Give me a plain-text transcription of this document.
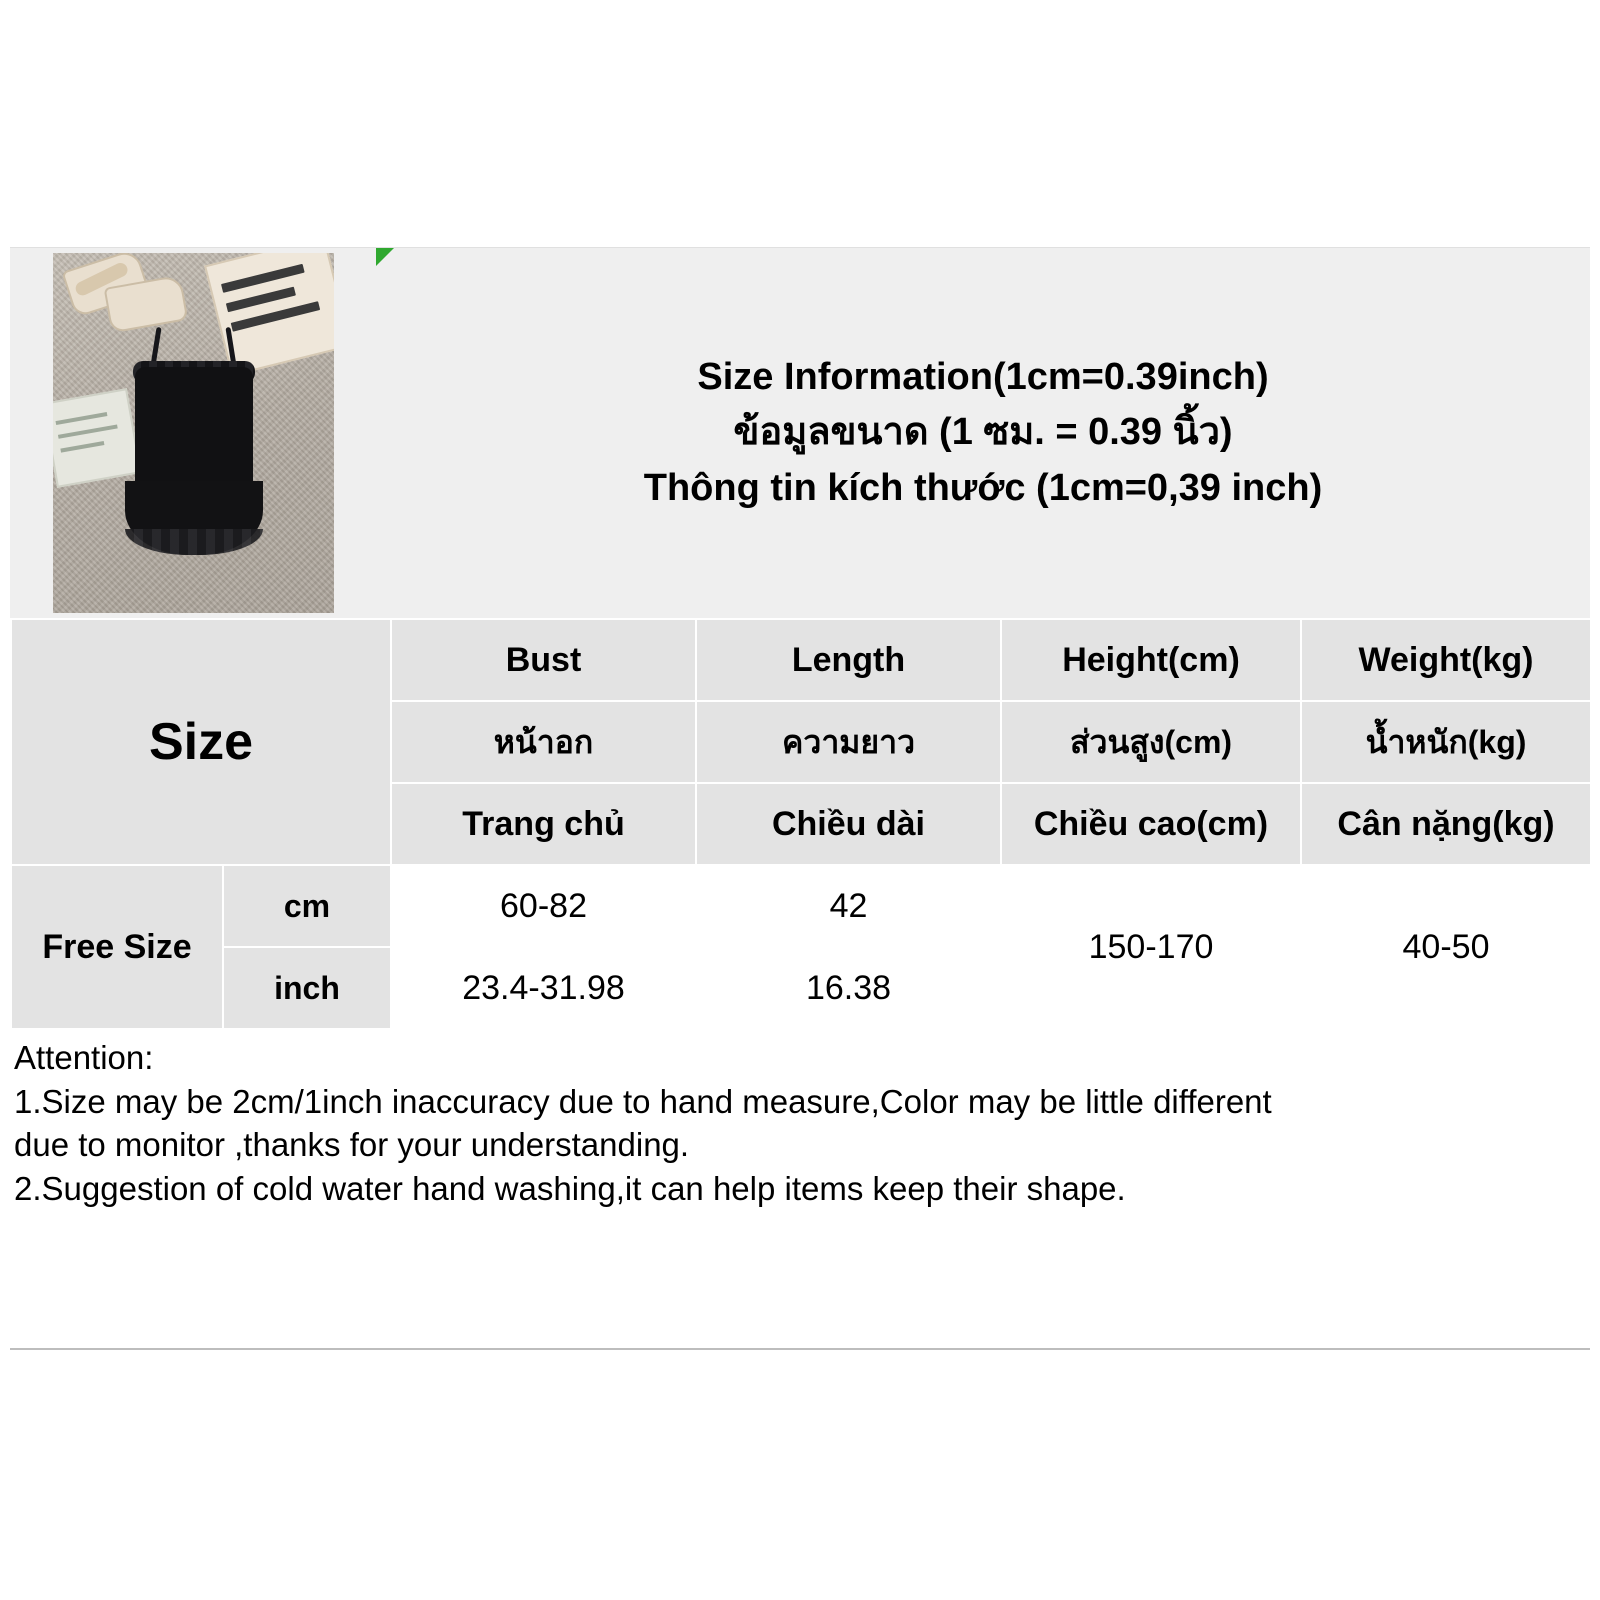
Size Information(1cm=0.39inch)
ข้อมูลขนาด (1 ซม. = 0.39 นิ้ว)
Thông tin kích thước (1cm=0,39 inch)
Size		Bust	Length	Height(cm)	Weight(kg)
		หน้าอก	ความยาว	ส่วนสูง(cm)	น้ำหนัก(kg)
		Trang chủ	Chiều dài	Chiều cao(cm)	Cân nặng(kg)
Free Size	cm	60-82	42	150-170	40-50
	inch	23.4-31.98	16.38		

Attention:

1.Size may be 2cm/1inch inaccuracy due to hand measure,Color may be little different

due to monitor ,thanks for your understanding.

2.Suggestion of cold water hand washing,it can help items keep their shape.
